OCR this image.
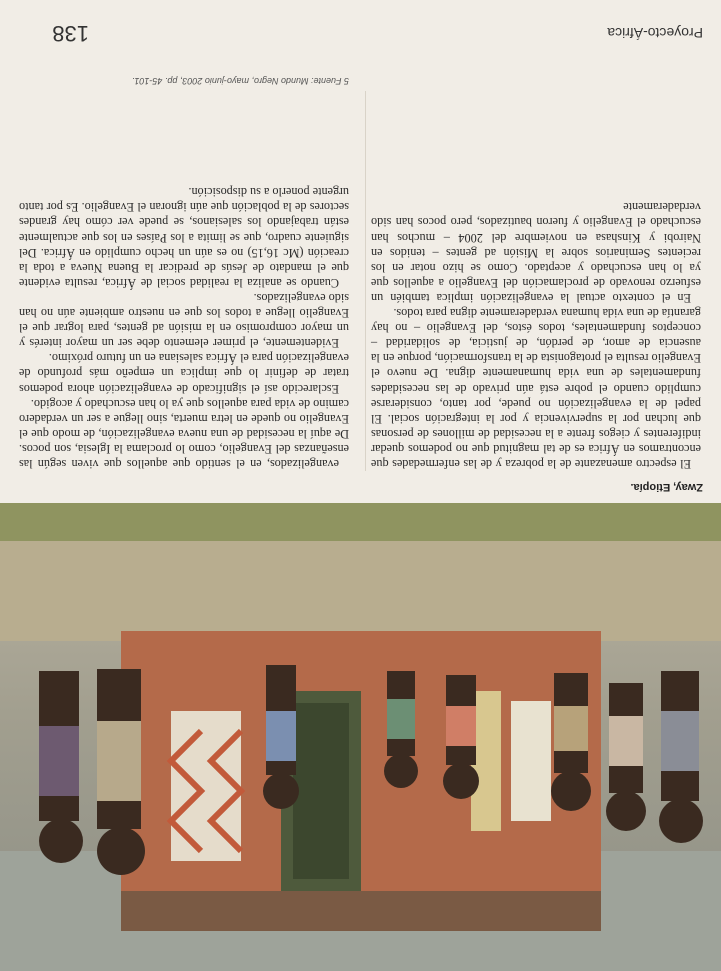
Zway, Etiopía.

El espectro amenazante de la pobreza y de las enfermedades que encontramos en África es de tal magnitud que no podemos quedar indiferentes y ciegos frente a la necesidad de millones de personas que luchan por la supervivencia y por la integración social. El papel de la evangelización no puede, por tanto, considerarse cumplido cuando el pobre está aún privado de las necesidades fundamentales de una vida humanamente digna. De nuevo el Evangelio resulta el protagonista de la transformación, porque en la ausencia de amor, de perdón, de justicia, de solidaridad – conceptos fundamentales, todos éstos, del Evangelio – no hay garantía de una vida humana verdaderamente digna para todos.

En el contexto actual la evangelización implica también un esfuerzo renovado de proclamación del Evangelio a aquellos que ya lo han escuchado y aceptado. Como se hizo notar en los recientes Seminarios sobre la Misión ad gentes – tenidos en Nairobi y Kinshasa en noviembre del 2004 – muchos han escuchado el Evangelio y fueron bautizados, pero pocos han sido verdaderamente

evangelizados, en el sentido que aquellos que viven según las enseñanzas del Evangelio, como lo proclama la Iglesia, son pocos. De aquí la necesidad de una nueva evangelización, de modo que el Evangelio no quede en letra muerta, sino llegue a ser un verdadero camino de vida para aquellos que ya lo han escuchado y acogido.

Esclarecido así el significado de evangelización ahora podemos tratar de definir lo que implica un empeño más profundo de evangelización para el África salesiana en un futuro próximo.

Evidentemente, el primer elemento debe ser un mayor interés y un mayor compromiso en la misión ad gentes, para lograr que el Evangelio llegue a todos los que en nuestro ambiente aún no han sido evangelizados.

Cuando se analiza la realidad social de África, resulta evidente que el mandato de Jesús de predicar la Buena Nueva a toda la creación (Mc 16,15) no es aún un hecho cumplido en África. Del siguiente cuadro, que se limita a los Países en los que actualmente están trabajando los salesianos, se puede ver cómo hay grandes sectores de la población que aún ignoran el Evangelio. Es por tanto urgente ponerlo a su disposición.

5 Fuente: Mundo Negro, mayo-junio 2003, pp. 45-101.
Proyecto-África
138
